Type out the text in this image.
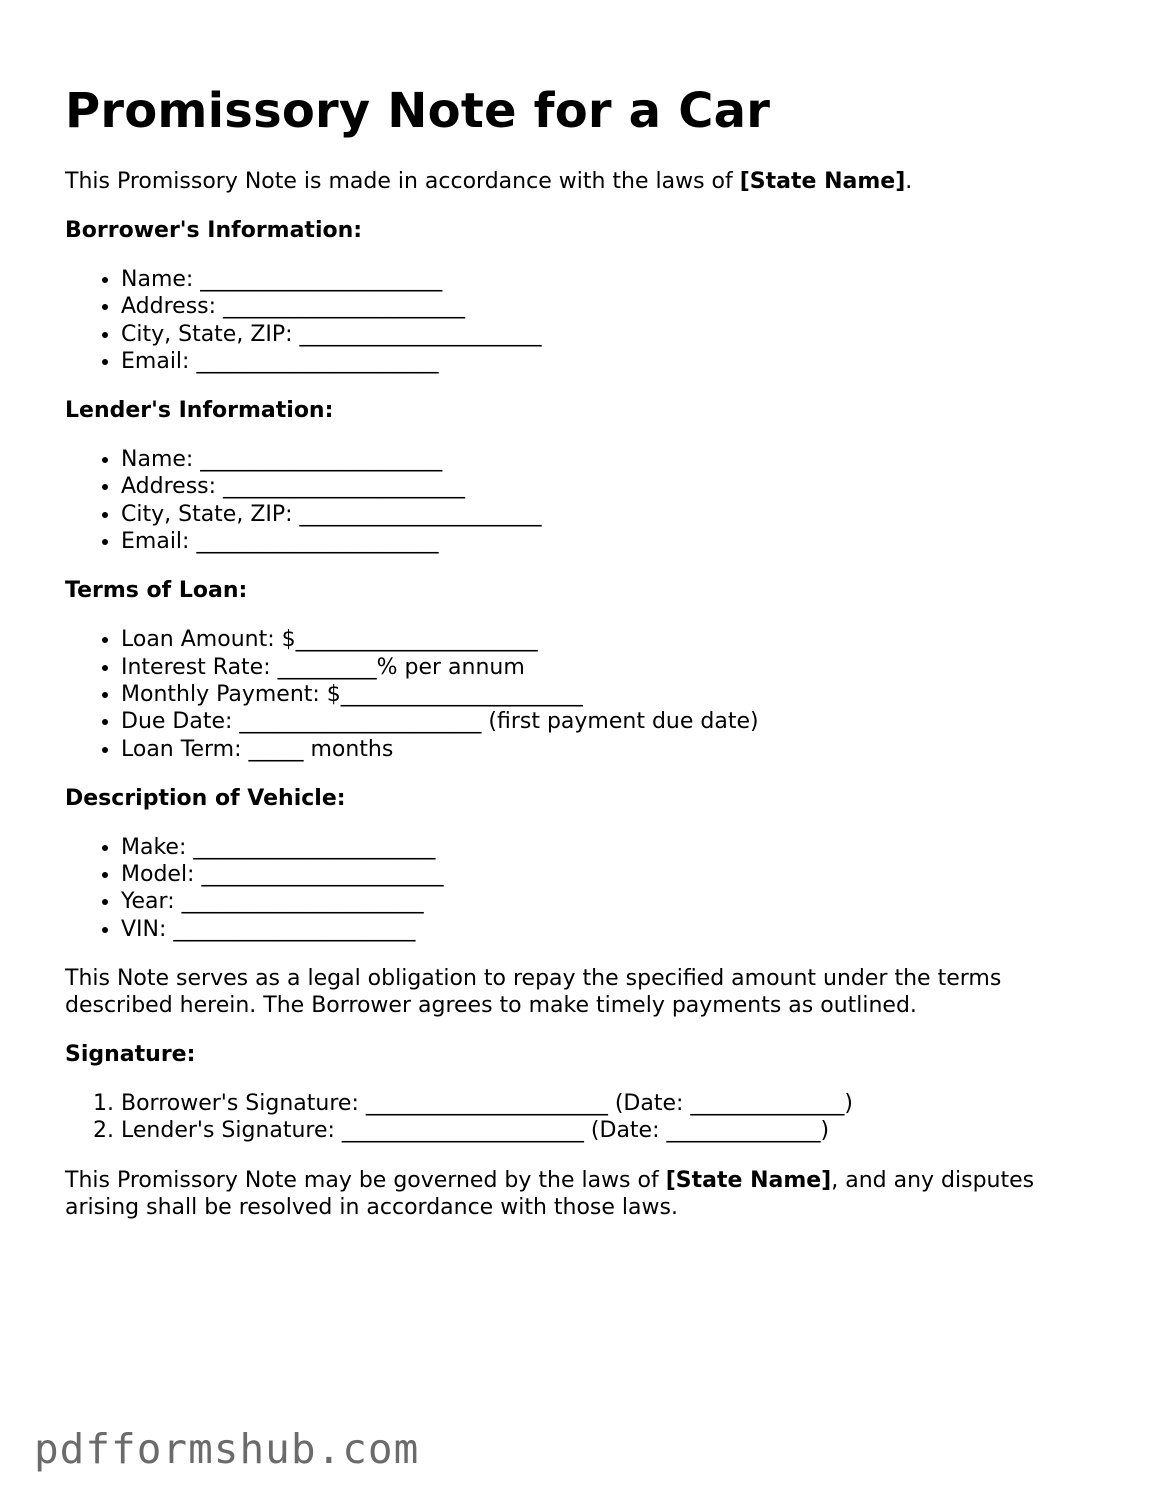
Promissory Note for a Car

This Promissory Note is made in accordance with the laws of [State Name].

Borrower's Information:
• Name: ______________________
• Address: ______________________
• City, State, ZIP: ______________________
• Email: ______________________
Lender's Information:
• Name: ______________________
• Address: ______________________
• City, State, ZIP: ______________________
• Email: ______________________
Terms of Loan:
• Loan Amount: $______________________
• Interest Rate: _________% per annum
• Monthly Payment: $______________________
• Due Date: ______________________ (first payment due date)
• Loan Term: _____ months
Description of Vehicle:
• Make: ______________________
• Model: ______________________
• Year: ______________________
• VIN: ______________________

This Note serves as a legal obligation to repay the specified amount under the terms described herein. The Borrower agrees to make timely payments as outlined.

Signature:
1. Borrower's Signature: ______________________ (Date: ______________)
2. Lender's Signature: ______________________ (Date: ______________)

This Promissory Note may be governed by the laws of [State Name], and any disputes arising shall be resolved in accordance with those laws.

pdfformshub.com
